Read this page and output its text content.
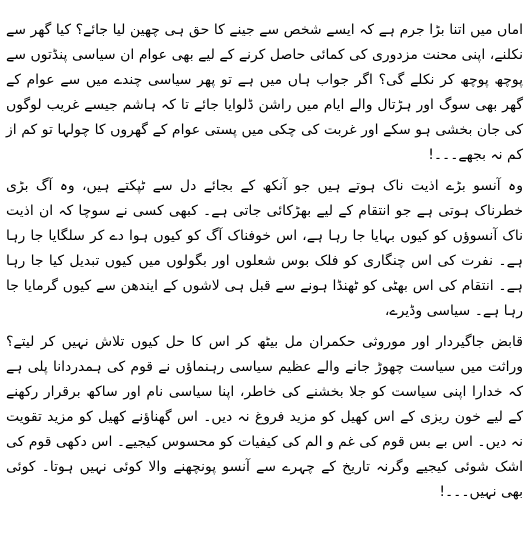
اماں میں اتنا بڑا جرم ہے کہ ایسے شخص سے جینے کا حق ہی چھین لیا جائے؟ کیا گھر سے نکلنے، اپنی محنت مزدوری کی کمائی حاصل کرنے کے لیے بھی عوام ان سیاسی پنڈتوں سے پوچھ پوچھ کر نکلے گی؟ اگر جواب ہاں میں ہے تو پھر سیاسی چندے میں سے عوام کے گھر بھی سوگ اور ہڑتال والے ایام میں راشن ڈلوایا جائے تا کہ ہاشم جیسے غریب لوگوں کی جان بخشی ہو سکے اور غربت کی چکی میں پستی عوام کے گھروں کا چولہا تو کم از کم نہ بجھے۔۔۔!

وہ آنسو بڑے اذیت ناک ہوتے ہیں جو آنکھ کے بجائے دل سے ٹپکتے ہیں، وہ آگ بڑی خطرناک ہوتی ہے جو انتقام کے لیے بھڑکائی جاتی ہے۔ کبھی کسی نے سوچا کہ ان اذیت ناک آنسوؤں کو کیوں بہایا جا رہا ہے، اس خوفناک آگ کو کیوں ہوا دے کر سلگایا جا رہا ہے۔ نفرت کی اس چنگاری کو فلک بوس شعلوں اور بگولوں میں کیوں تبدیل کیا جا رہا ہے۔ انتقام کی اس بھٹی کو ٹھنڈا ہونے سے قبل ہی لاشوں کے ایندھن سے کیوں گرمایا جا رہا ہے۔ سیاسی وڈیرے،

قابض جاگیردار اور موروثی حکمران مل بیٹھ کر اس کا حل کیوں تلاش نہیں کر لیتے؟ وراثت میں سیاست چھوڑ جانے والے عظیم سیاسی رہنماؤں نے قوم کی ہمدردانا پلی ہے کہ خدارا اپنی سیاست کو جلا بخشنے کی خاطر، اپنا سیاسی نام اور ساکھ برقرار رکھنے کے لیے خون ریزی کے اس کھیل کو مزید فروغ نہ دیں۔ اس گھناؤنے کھیل کو مزید تقویت نہ دیں۔ اس بے بس قوم کی غم و الم کی کیفیات کو محسوس کیجیے۔ اس دکھی قوم کی اشک شوئی کیجیے وگرنہ تاریخ کے چہرے سے آنسو پونچھنے والا کوئی نہیں ہوتا۔ کوئی بھی نہیں۔۔۔!
